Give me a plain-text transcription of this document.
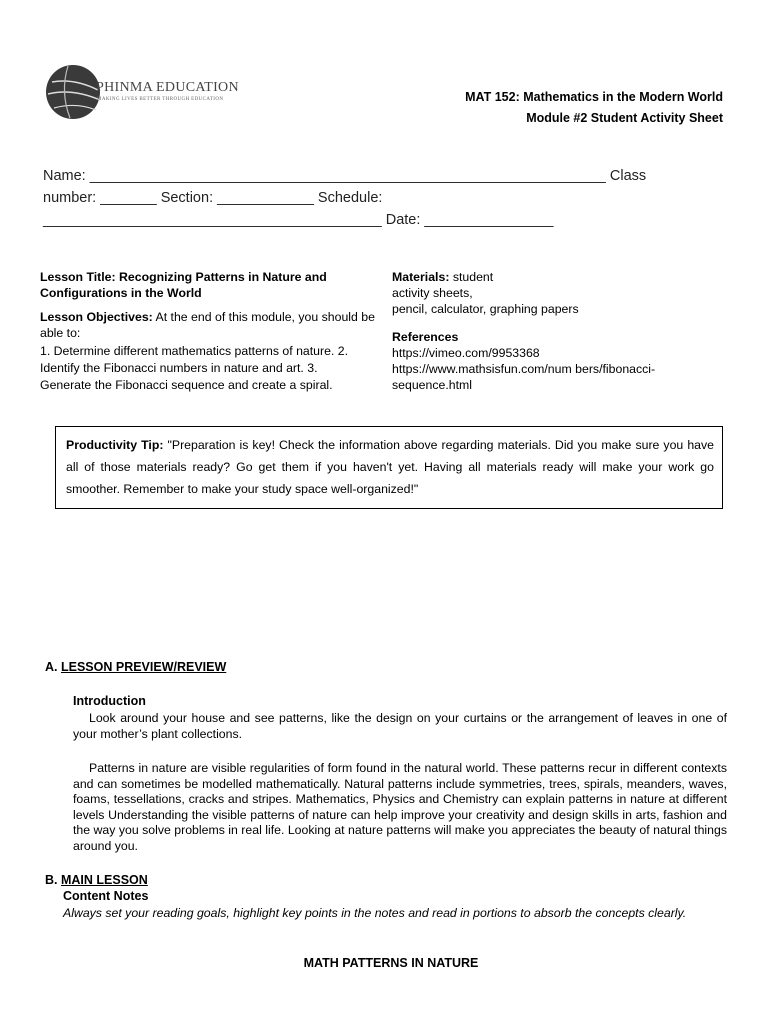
PHINMA EDUCATION
MAKING LIVES BETTER THROUGH EDUCATION	MAT 152: Mathematics in the Modern World
Module #2 Student Activity Sheet
Name: ________________________________________________________________ Class
number: _______ Section: ____________ Schedule:
__________________________________________ Date: ________________
Lesson Title: Recognizing Patterns in Nature and Configurations in the World
Lesson Objectives: At the end of this module, you should be able to:
1. Determine different mathematics patterns of nature. 2.
Identify the Fibonacci numbers in nature and art. 3.
Generate the Fibonacci sequence and create a spiral.
Materials: student
activity sheets,
pencil, calculator, graphing papers
References
https://vimeo.com/9953368
https://www.mathsisfun.com/num bers/fibonacci-
sequence.html
Productivity Tip: "Preparation is key! Check the information above regarding materials. Did you make sure you have all of those materials ready? Go get them if you haven't yet. Having all materials ready will make your work go smoother. Remember to make your study space well-organized!"
A. LESSON PREVIEW/REVIEW
Introduction
Look around your house and see patterns, like the design on your curtains or the arrangement of leaves in one of your mother’s plant collections.
Patterns in nature are visible regularities of form found in the natural world. These patterns recur in different contexts and can sometimes be modelled mathematically. Natural patterns include symmetries, trees, spirals, meanders, waves, foams, tessellations, cracks and stripes. Mathematics, Physics and Chemistry can explain patterns in nature at different levels Understanding the visible patterns of nature can help improve your creativity and design skills in arts, fashion and the way you solve problems in real life. Looking at nature patterns will make you appreciates the beauty of natural things around you.
B. MAIN LESSON
Content Notes
Always set your reading goals, highlight key points in the notes and read in portions to absorb the concepts clearly.
MATH PATTERNS IN NATURE
